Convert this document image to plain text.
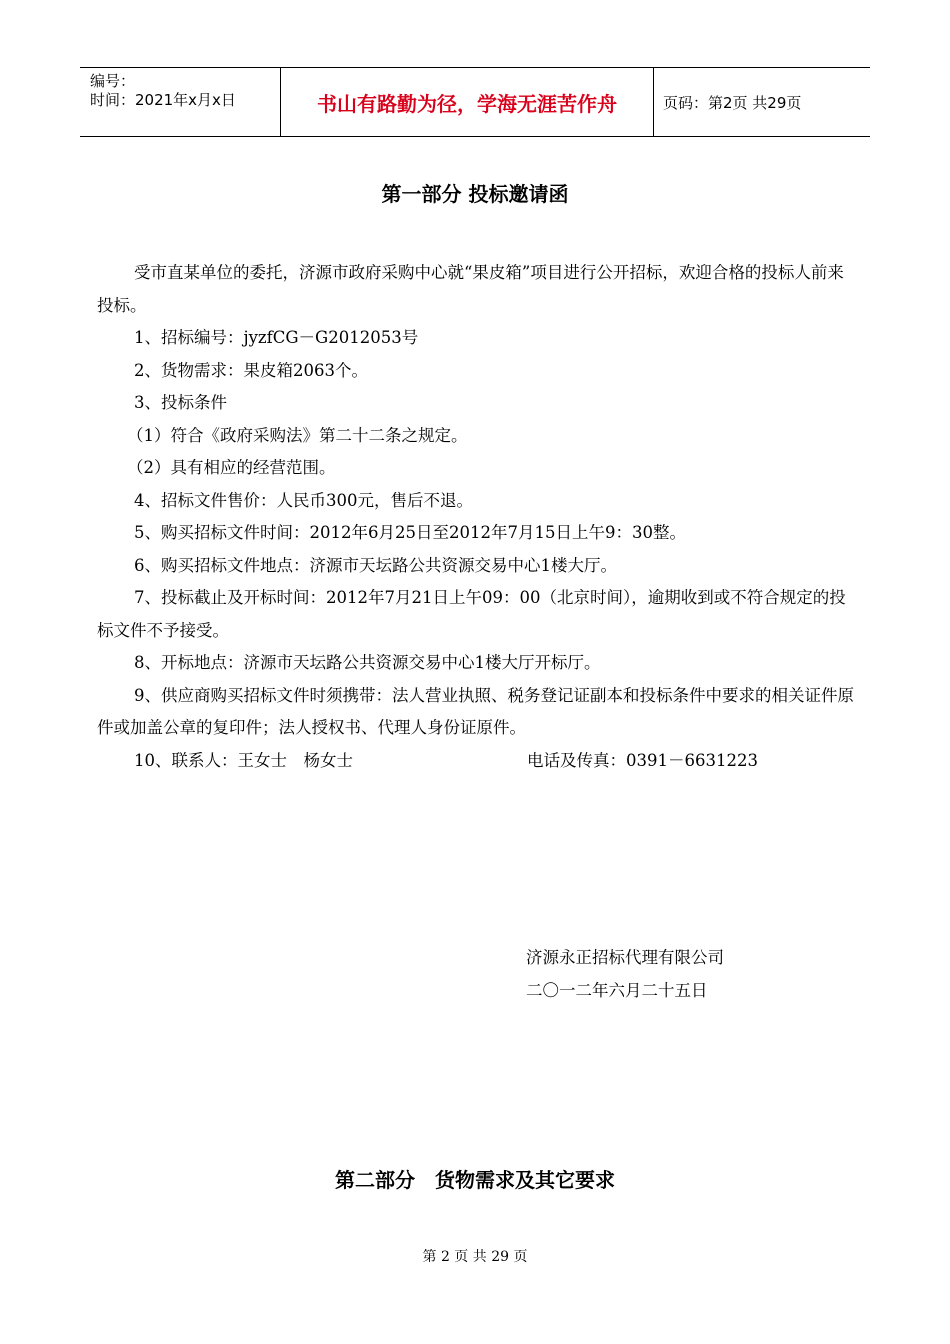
编号：
时间：2021年x月x日	书山有路勤为径，学海无涯苦作舟	页码：第2页 共29页
第一部分 投标邀请函

受市直某单位的委托，济源市政府采购中心就“果皮箱”项目进行公开招标，欢迎合格的投标人前来投标。

1、招标编号：jyzfCG－G2012053号

2、货物需求：果皮箱2063个。

3、投标条件

（1）符合《政府采购法》第二十二条之规定。

（2）具有相应的经营范围。

4、招标文件售价：人民币300元，售后不退。

5、购买招标文件时间：2012年6月25日至2012年7月15日上午9：30整。

6、购买招标文件地点：济源市天坛路公共资源交易中心1楼大厅。

7、投标截止及开标时间：2012年7月21日上午09：00（北京时间），逾期收到或不符合规定的投标文件不予接受。

8、开标地点：济源市天坛路公共资源交易中心1楼大厅开标厅。

9、供应商购买招标文件时须携带：法人营业执照、税务登记证副本和投标条件中要求的相关证件原件或加盖公章的复印件；法人授权书、代理人身份证原件。

10、联系人：王女士　杨女士	电话及传真：0391－6631223
济源永正招标代理有限公司
二〇一二年六月二十五日
第二部分　货物需求及其它要求
第 2 页 共 29 页
